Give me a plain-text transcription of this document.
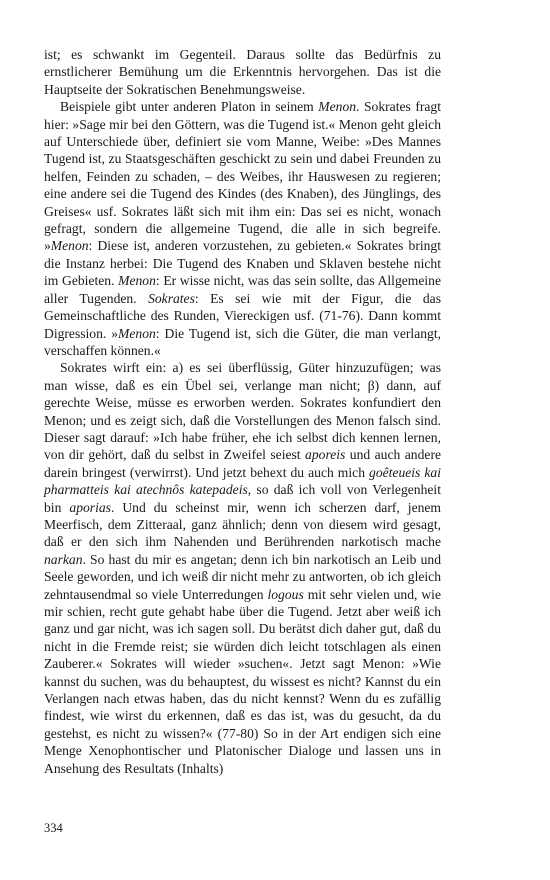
ist; es schwankt im Gegenteil. Daraus sollte das Bedürfnis zu ernstlicherer Bemühung um die Erkenntnis hervorgehen. Das ist die Hauptseite der Sokratischen Benehmungsweise.

Beispiele gibt unter anderen Platon in seinem Menon. Sokrates fragt hier: »Sage mir bei den Göttern, was die Tugend ist.« Menon geht gleich auf Unterschiede über, definiert sie vom Manne, Weibe: »Des Mannes Tugend ist, zu Staatsgeschäften geschickt zu sein und dabei Freunden zu helfen, Feinden zu schaden, – des Weibes, ihr Hauswesen zu regieren; eine andere sei die Tugend des Kindes (des Knaben), des Jünglings, des Greises« usf. Sokrates läßt sich mit ihm ein: Das sei es nicht, wonach gefragt, sondern die allgemeine Tugend, die alle in sich begreife. »Menon: Diese ist, anderen vorzustehen, zu gebieten.« Sokrates bringt die Instanz herbei: Die Tugend des Knaben und Sklaven bestehe nicht im Gebieten. Menon: Er wisse nicht, was das sein sollte, das Allgemeine aller Tugenden. Sokrates: Es sei wie mit der Figur, die das Gemeinschaftliche des Runden, Viereckigen usf. (71-76). Dann kommt Digression. »Menon: Die Tugend ist, sich die Güter, die man verlangt, verschaffen können.«

Sokrates wirft ein: a) es sei überflüssig, Güter hinzuzufügen; was man wisse, daß es ein Übel sei, verlange man nicht; β) dann, auf gerechte Weise, müsse es erworben werden. Sokrates konfundiert den Menon; und es zeigt sich, daß die Vorstellungen des Menon falsch sind. Dieser sagt darauf: »Ich habe früher, ehe ich selbst dich kennen lernen, von dir gehört, daß du selbst in Zweifel seiest aporeis und auch andere darein bringest (verwirrst). Und jetzt behext du auch mich goêteueis kai pharmatteis kai atechnôs katepadeis, so daß ich voll von Verlegenheit bin aporias. Und du scheinst mir, wenn ich scherzen darf, jenem Meerfisch, dem Zitteraal, ganz ähnlich; denn von diesem wird gesagt, daß er den sich ihm Nahenden und Berührenden narkotisch mache narkan. So hast du mir es angetan; denn ich bin narkotisch an Leib und Seele geworden, und ich weiß dir nicht mehr zu antworten, ob ich gleich zehntausendmal so viele Unterredungen logous mit sehr vielen und, wie mir schien, recht gute gehabt habe über die Tugend. Jetzt aber weiß ich ganz und gar nicht, was ich sagen soll. Du berätst dich daher gut, daß du nicht in die Fremde reist; sie würden dich leicht totschlagen als einen Zauberer.« Sokrates will wieder »suchen«. Jetzt sagt Menon: »Wie kannst du suchen, was du behauptest, du wissest es nicht? Kannst du ein Verlangen nach etwas haben, das du nicht kennst? Wenn du es zufällig findest, wie wirst du erkennen, daß es das ist, was du gesucht, da du gestehst, es nicht zu wissen?« (77-80) So in der Art endigen sich eine Menge Xenophontischer und Platonischer Dialoge und lassen uns in Ansehung des Resultats (Inhalts)

334
